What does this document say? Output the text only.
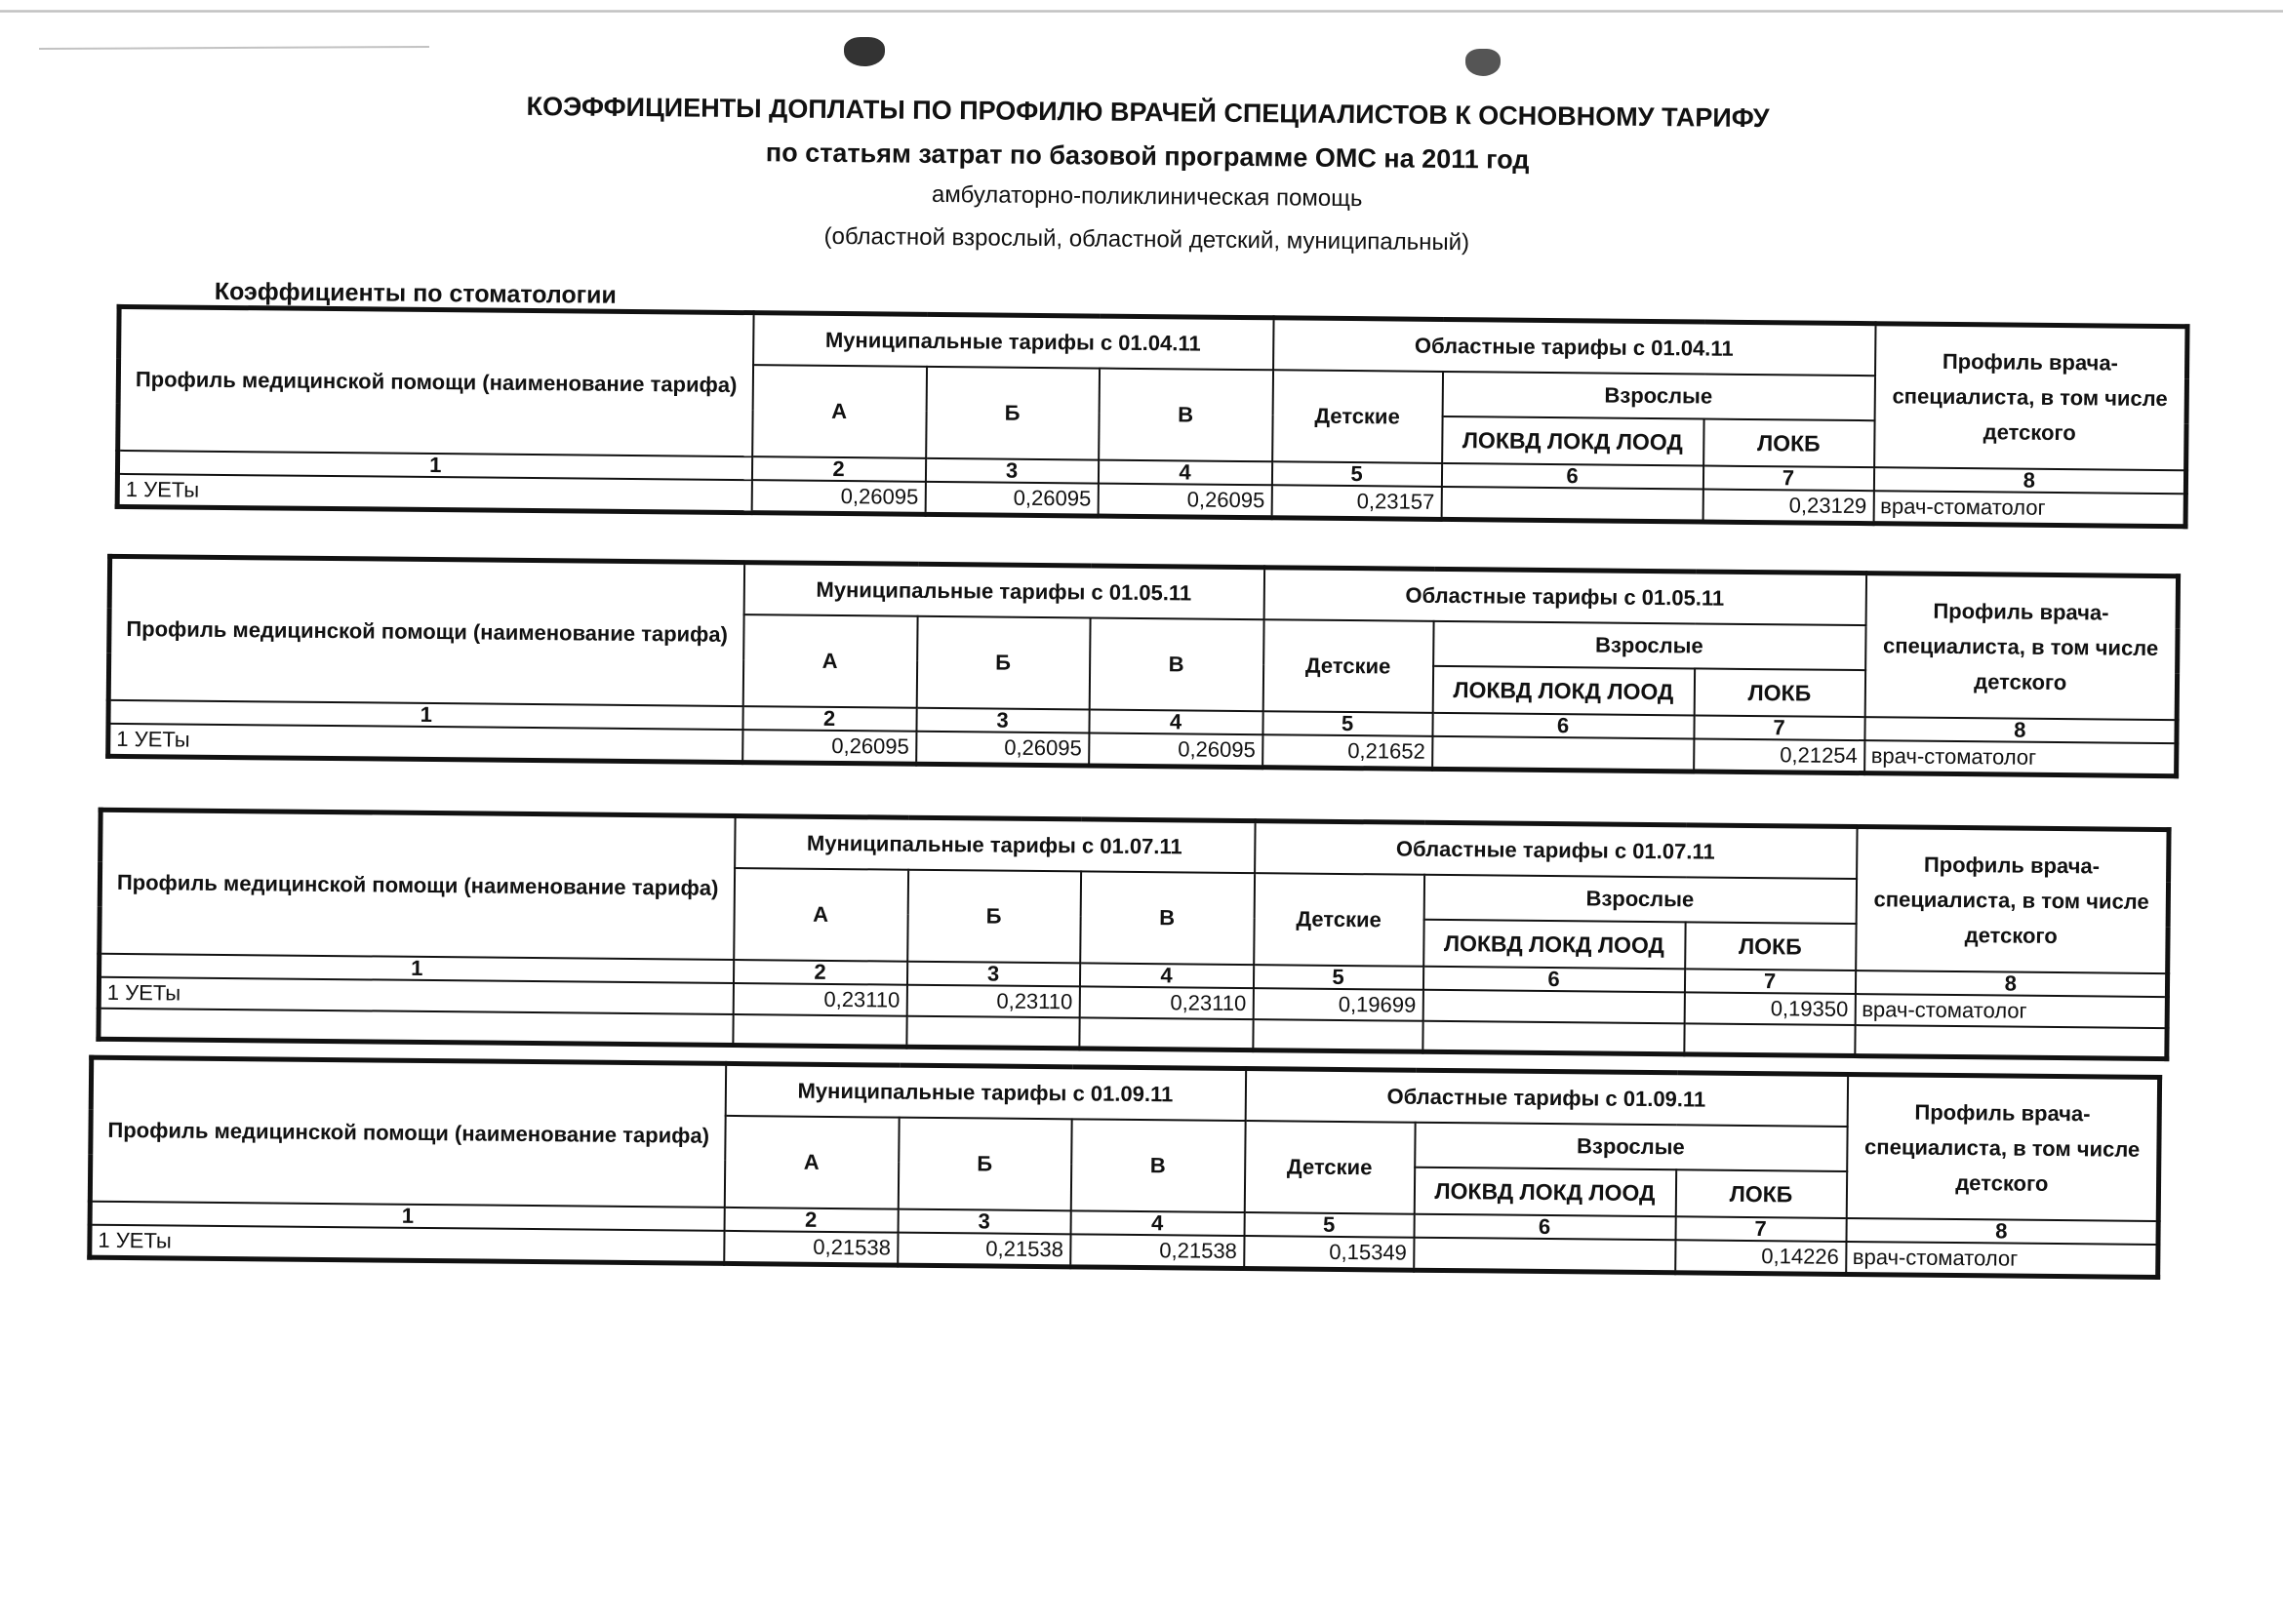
КОЭФФИЦИЕНТЫ ДОПЛАТЫ ПО ПРОФИЛЮ ВРАЧЕЙ СПЕЦИАЛИСТОВ К ОСНОВНОМУ ТАРИФУ
по статьям затрат по базовой программе ОМС на 2011 год
амбулаторно-поликлиническая помощь
(областной взрослый, областной детский, муниципальный)
Коэффициенты по стоматологии
Профиль медицинской помощи (наименование тарифа)	Муниципальные тарифы с 01.04.11			Областные тарифы с 01.04.11			Профиль врача-специалиста, в том числе детского
	А	Б	В	Детские	Взрослые		
					ЛОКВД ЛОКД ЛООД	ЛОКБ	
1	2	3	4	5	6	7	8
1 УЕТы	0,26095	0,26095	0,26095	0,23157		0,23129	врач-стоматолог
Профиль медицинской помощи (наименование тарифа)	Муниципальные тарифы с 01.05.11			Областные тарифы с 01.05.11			Профиль врача-специалиста, в том числе детского
	А	Б	В	Детские	Взрослые		
					ЛОКВД ЛОКД ЛООД	ЛОКБ	
1	2	3	4	5	6	7	8
1 УЕТы	0,26095	0,26095	0,26095	0,21652		0,21254	врач-стоматолог
Профиль медицинской помощи (наименование тарифа)	Муниципальные тарифы с 01.07.11			Областные тарифы с 01.07.11			Профиль врача-специалиста, в том числе детского
	А	Б	В	Детские	Взрослые		
					ЛОКВД ЛОКД ЛООД	ЛОКБ	
1	2	3	4	5	6	7	8
1 УЕТы	0,23110	0,23110	0,23110	0,19699		0,19350	врач-стоматолог

Профиль медицинской помощи (наименование тарифа)	Муниципальные тарифы с 01.09.11			Областные тарифы с 01.09.11			Профиль врача-специалиста, в том числе детского
	А	Б	В	Детские	Взрослые		
					ЛОКВД ЛОКД ЛООД	ЛОКБ	
1	2	3	4	5	6	7	8
1 УЕТы	0,21538	0,21538	0,21538	0,15349		0,14226	врач-стоматолог
